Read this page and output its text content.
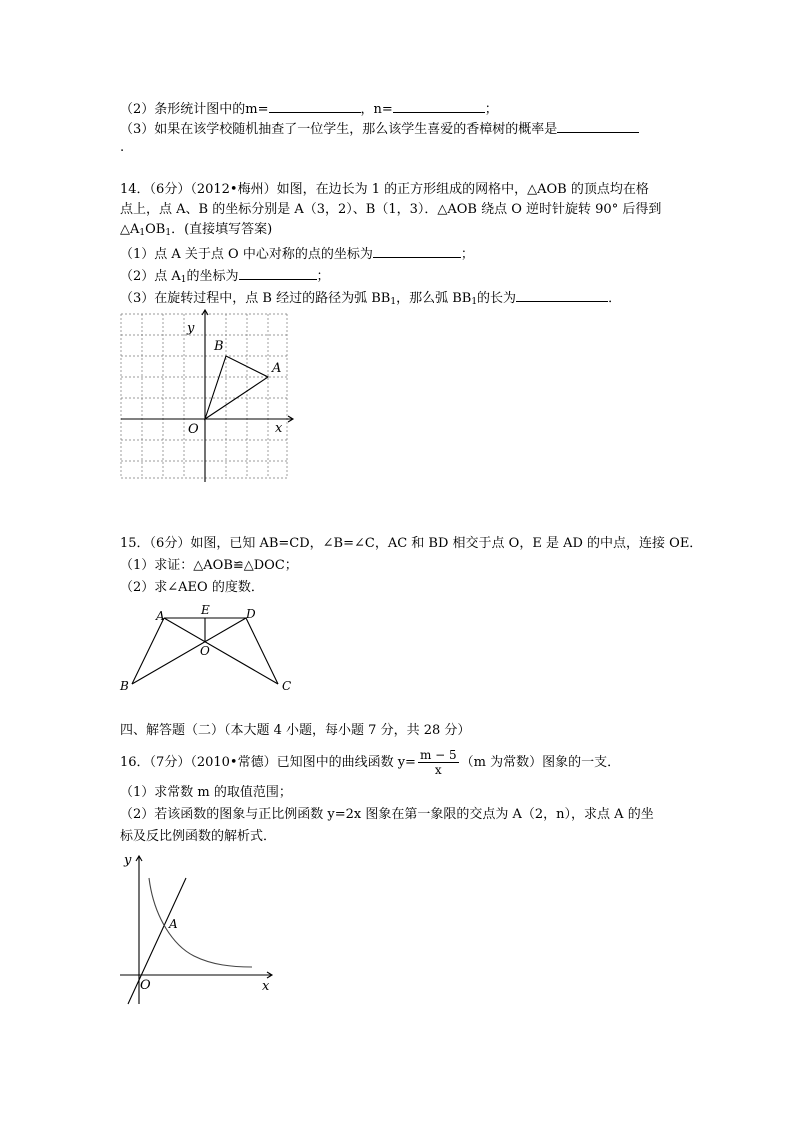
（2）条形统计图中的m=	，n=	；
（3）如果在该学校随机抽查了一位学生，那么该学生喜爱的香樟树的概率是
.
14．（6分）（2012•梅州）如图，在边长为 1 的正方形组成的网格中，△AOB 的顶点均在格
点上，点 A、B 的坐标分别是 A（3，2）、B（1，3）．△AOB 绕点 O 逆时针旋转 90° 后得到
$\triangle A_1OB_1$．(直接填写答案)
（1）点 A 关于点 O 中心对称的点的坐标为	；
（2）点 $A_1$的坐标为	；
（3）在旋转过程中，点 B 经过的路径为弧 $BB_1$，那么弧 $BB_1$的长为	．
y
x
O
A
B
15．（6分）如图，已知 AB=CD，∠B=∠C，AC 和 BD 相交于点 O，E 是 AD 的中点，连接 OE．
（1）求证：△AOB≌△DOC；
（2）求∠AEO 的度数．
A	E	D
O
B	C
四、解答题（二）（本大题 4 小题，每小题 7 分，共 28 分）
16．（7分）（2010•常德）已知图中的曲线函数 $y= \frac{m - 5}{x} (m$ 为常数）图象的一支．
（1）求常数 m 的取值范围；
（2）若该函数的图象与正比例函数 y=2x 图象在第一象限的交点为 A（2，n），求点 A 的坐
标及反比例函数的解析式．
y
x
O
A
